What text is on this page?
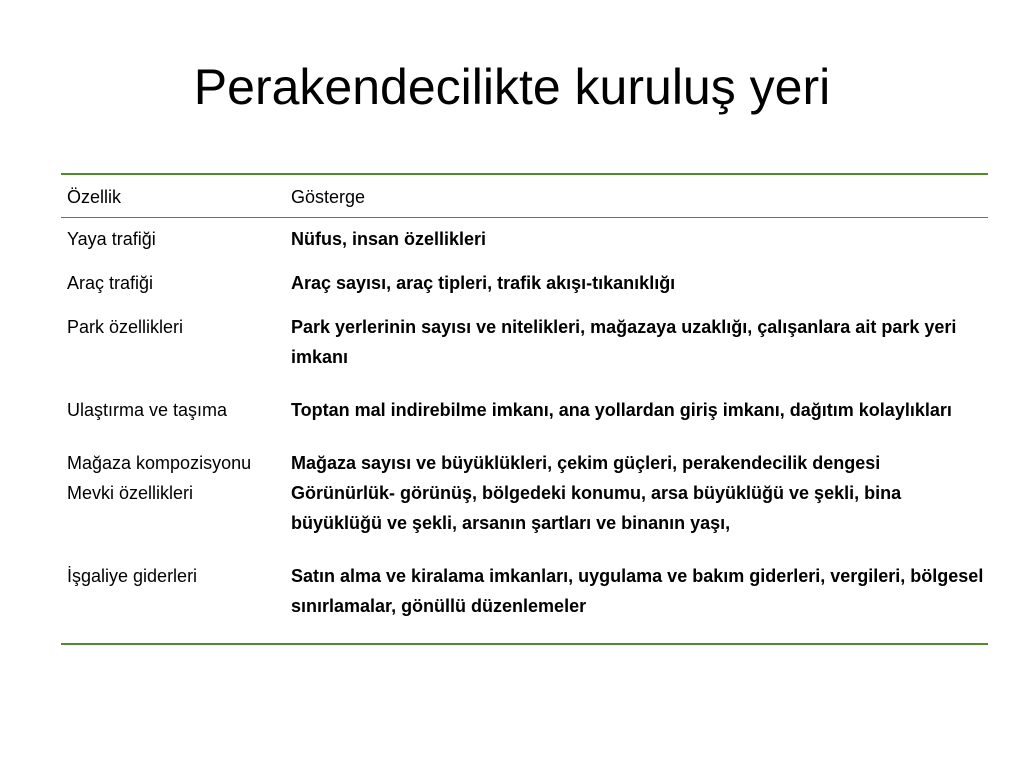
Perakendecilikte kuruluş yeri
Özellik	Gösterge
Yaya trafiği	Nüfus, insan özellikleri
Araç trafiği	Araç sayısı, araç tipleri, trafik akışı-tıkanıklığı
Park özellikleri	Park yerlerinin sayısı ve nitelikleri, mağazaya uzaklığı, çalışanlara ait park yeri imkanı
Ulaştırma ve taşıma	Toptan mal indirebilme imkanı, ana yollardan giriş imkanı, dağıtım kolaylıkları
Mağaza kompozisyonu	Mağaza sayısı ve büyüklükleri, çekim güçleri, perakendecilik dengesi
Mevki özellikleri	Görünürlük- görünüş, bölgedeki konumu, arsa büyüklüğü ve şekli, bina büyüklüğü ve şekli, arsanın şartları ve binanın yaşı,
İşgaliye giderleri	Satın alma ve kiralama imkanları, uygulama ve bakım giderleri, vergileri, bölgesel sınırlamalar, gönüllü düzenlemeler
